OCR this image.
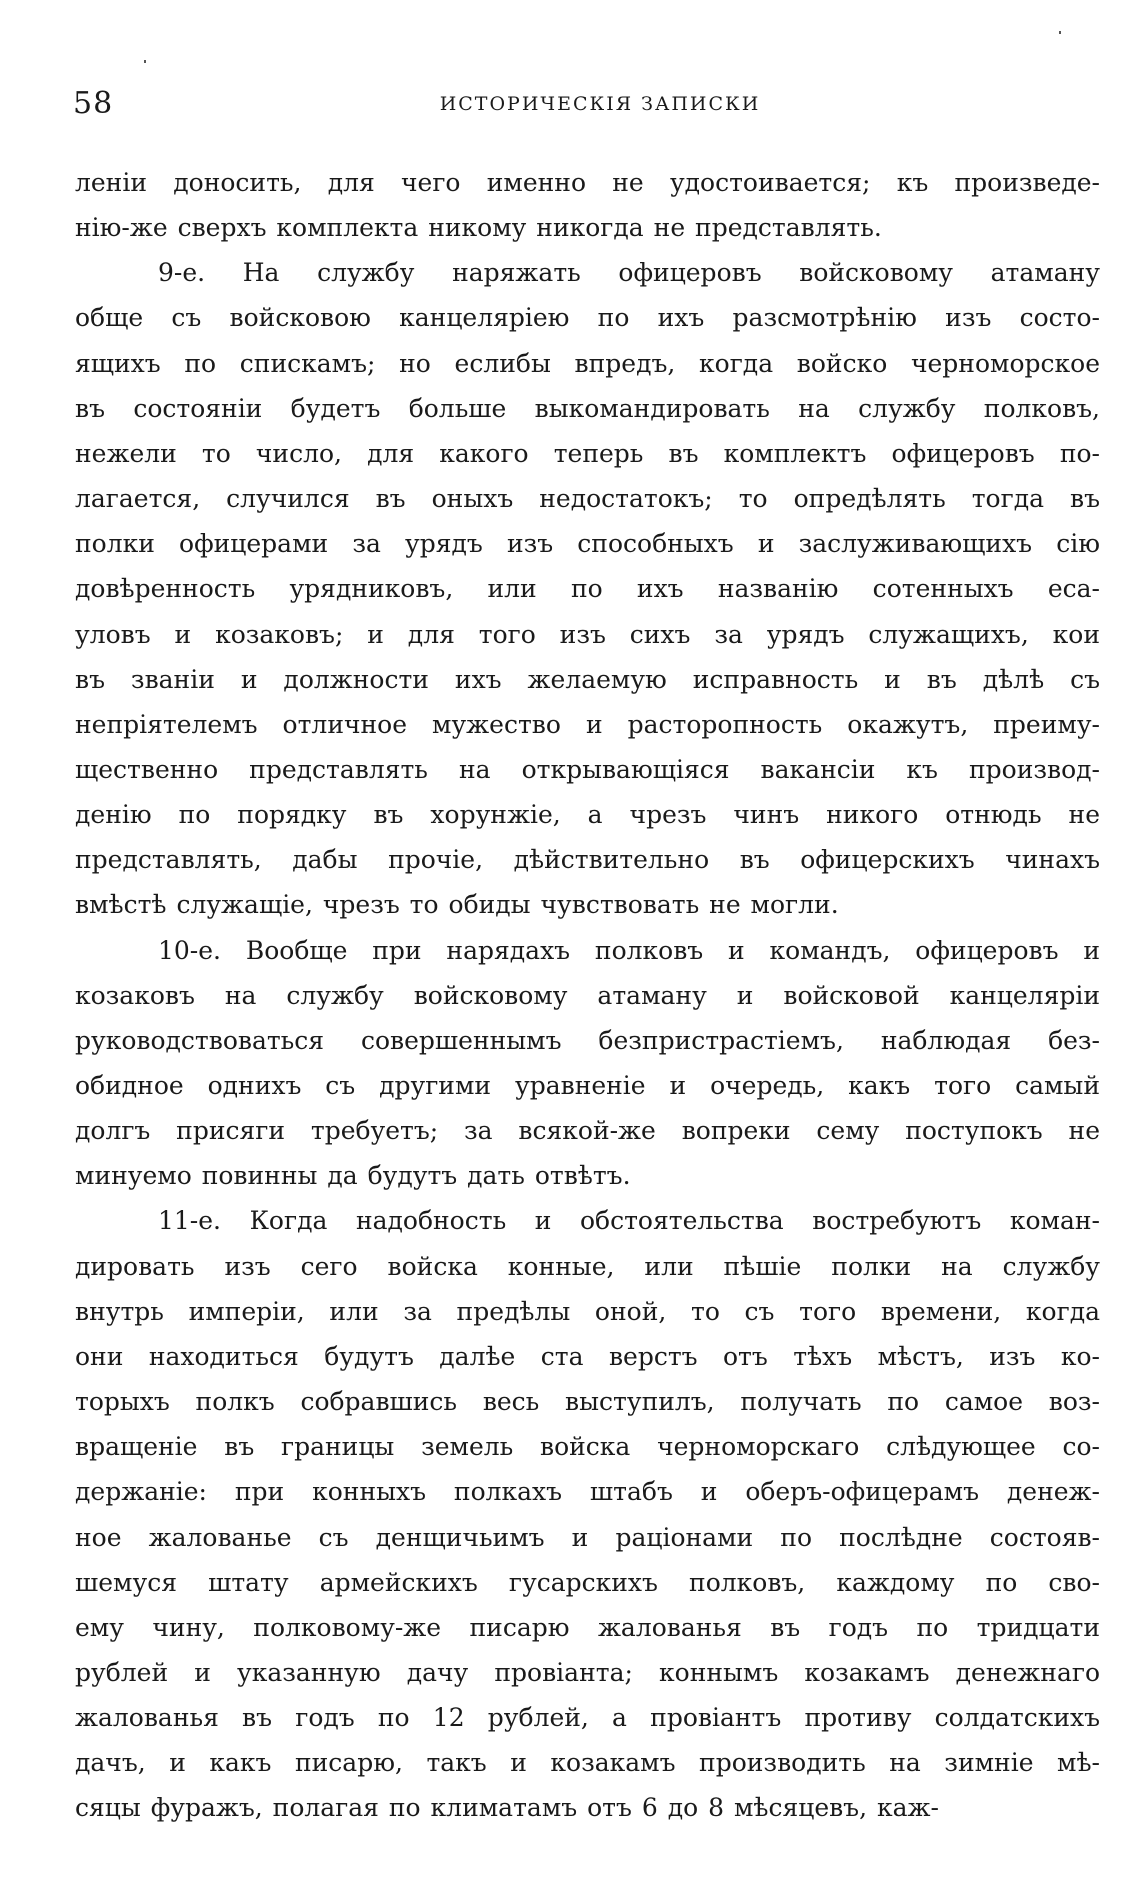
58	ИСТОРИЧЕСКІЯ ЗАПИСКИ
леніи доносить, для чего именно не удостоивается; къ произведе-
нію-же сверхъ комплекта никому никогда не представлять.
9-е. На службу наряжать офицеровъ войсковому атаману
обще съ войсковою канцеляріею по ихъ разсмотрѣнію изъ состо-
ящихъ по спискамъ; но еслибы впредъ, когда войско черноморское
въ состояніи будетъ больше выкомандировать на службу полковъ,
нежели то число, для какого теперь въ комплектъ офицеровъ по-
лагается, случился въ оныхъ недостатокъ; то опредѣлять тогда въ
полки офицерами за урядъ изъ способныхъ и заслуживающихъ сію
довѣренность урядниковъ, или по ихъ названію сотенныхъ еса-
уловъ и козаковъ; и для того изъ сихъ за урядъ служащихъ, кои
въ званіи и должности ихъ желаемую исправность и въ дѣлѣ съ
непріятелемъ отличное мужество и расторопность окажутъ, преиму-
щественно представлять на открывающіяся вакансіи къ производ-
денію по порядку въ хорунжіе, а чрезъ чинъ никого отнюдь не
представлять, дабы прочіе, дѣйствительно въ офицерскихъ чинахъ
вмѣстѣ служащіе, чрезъ то обиды чувствовать не могли.
10-е. Вообще при нарядахъ полковъ и командъ, офицеровъ и
козаковъ на службу войсковому атаману и войсковой канцеляріи
руководствоваться совершеннымъ безпристрастіемъ, наблюдая без-
обидное однихъ съ другими уравненіе и очередь, какъ того самый
долгъ присяги требуетъ; за всякой-же вопреки сему поступокъ не
минуемо повинны да будутъ дать отвѣтъ.
11-е. Когда надобность и обстоятельства востребуютъ коман-
дировать изъ сего войска конные, или пѣшіе полки на службу
внутрь имперіи, или за предѣлы оной, то съ того времени, когда
они находиться будутъ далѣе ста верстъ отъ тѣхъ мѣстъ, изъ ко-
торыхъ полкъ собравшись весь выступилъ, получать по самое воз-
вращеніе въ границы земель войска черноморскаго слѣдующее со-
держаніе: при конныхъ полкахъ штабъ и оберъ-офицерамъ денеж-
ное жалованье съ денщичьимъ и раціонами по послѣдне состояв-
шемуся штату армейскихъ гусарскихъ полковъ, каждому по сво-
ему чину, полковому-же писарю жалованья въ годъ по тридцати
рублей и указанную дачу провіанта; коннымъ козакамъ денежнаго
жалованья въ годъ по 12 рублей, а провіантъ противу солдатскихъ
дачъ, и какъ писарю, такъ и козакамъ производить на зимніе мѣ-
сяцы фуражъ, полагая по климатамъ отъ 6 до 8 мѣсяцевъ, каж-
